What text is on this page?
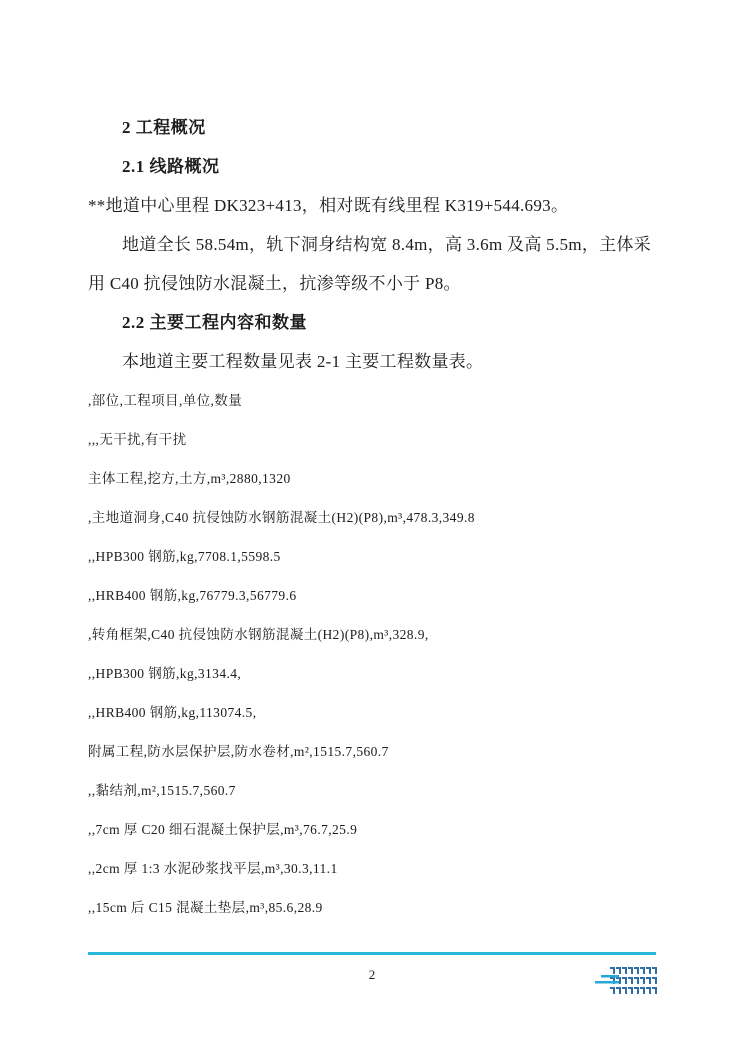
2 工程概况

2.1 线路概况

**地道中心里程 DK323+413，相对既有线里程 K319+544.693。

地道全长 58.54m，轨下洞身结构宽 8.4m，高 3.6m 及高 5.5m，主体采用 C40 抗侵蚀防水混凝土，抗渗等级不小于 P8。

2.2 主要工程内容和数量

本地道主要工程数量见表 2-1 主要工程数量表。

,部位,工程项目,单位,数量

,,,无干扰,有干扰

主体工程,挖方,土方,m³,2880,1320

,主地道洞身,C40 抗侵蚀防水钢筋混凝土(H2)(P8),m³,478.3,349.8

,,HPB300 钢筋,kg,7708.1,5598.5

,,HRB400 钢筋,kg,76779.3,56779.6

,转角框架,C40 抗侵蚀防水钢筋混凝土(H2)(P8),m³,328.9,

,,HPB300 钢筋,kg,3134.4,

,,HRB400 钢筋,kg,113074.5,

附属工程,防水层保护层,防水卷材,m²,1515.7,560.7

,,黏结剂,m²,1515.7,560.7

,,7cm 厚 C20 细石混凝土保护层,m³,76.7,25.9

,,2cm 厚 1:3 水泥砂浆找平层,m³,30.3,11.1

,,15cm 后 C15 混凝土垫层,m³,85.6,28.9

2
